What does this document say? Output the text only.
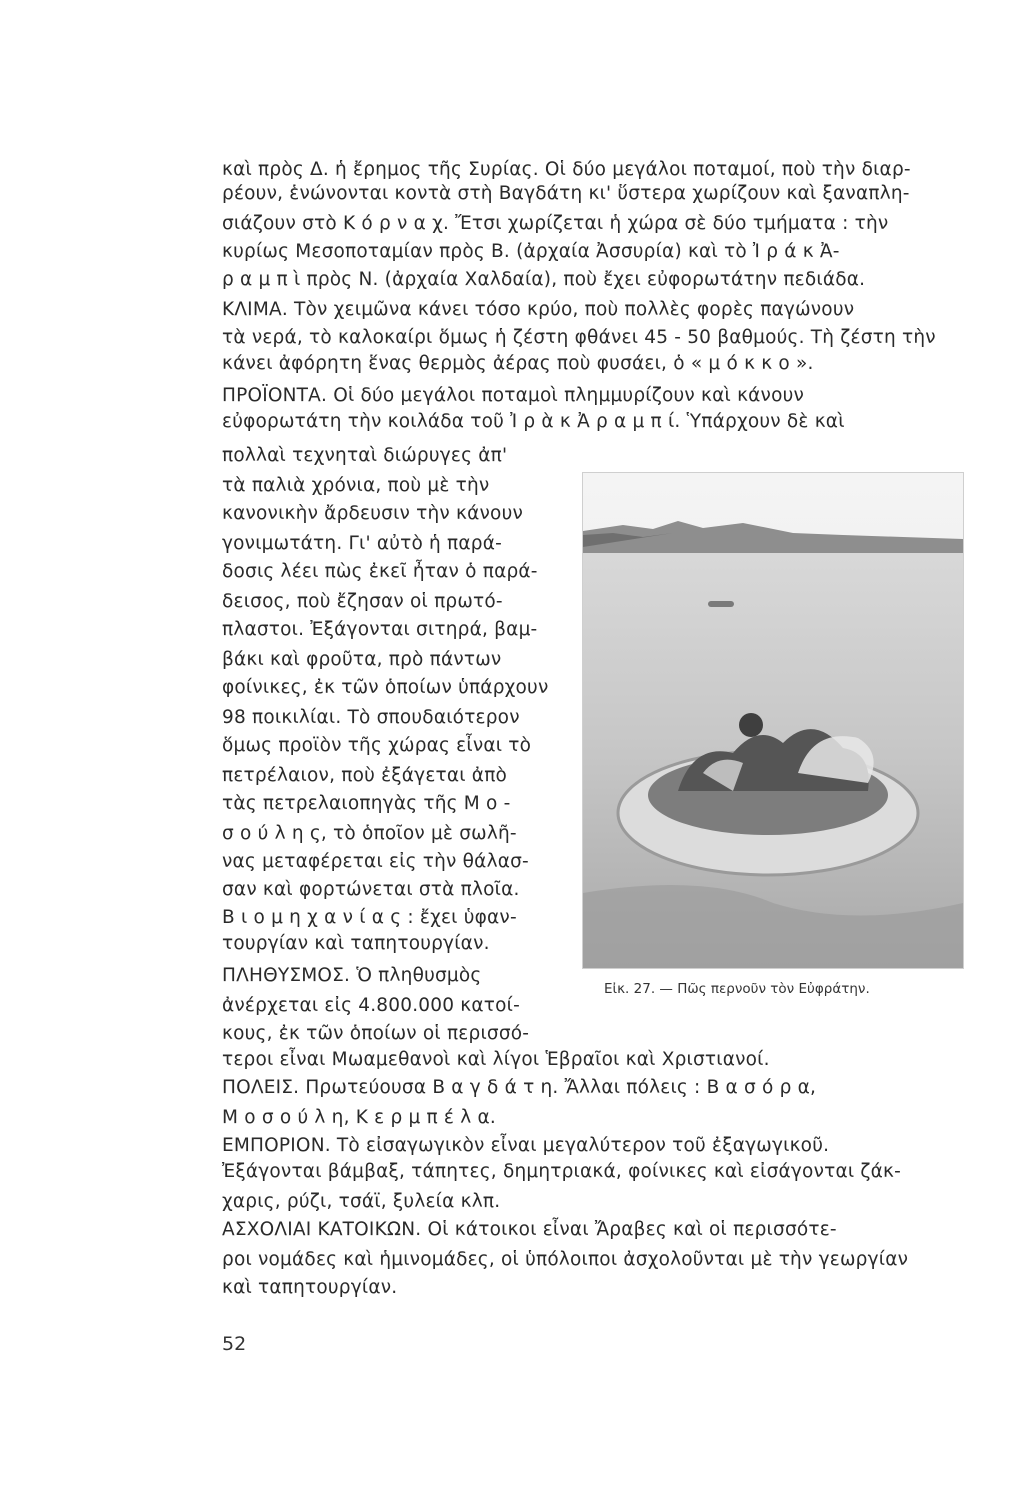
καὶ πρὸς Δ. ἡ ἔρημος τῆς Συρίας. Οἱ δύο μεγάλοι ποταμοί, ποὺ τὴν διαρ-
ρέουν, ἑνώνονται κοντὰ στὴ Βαγδάτη κι' ὕστερα χωρίζουν καὶ ξαναπλη-
σιάζουν στὸ Κ ό ρ ν α χ. Ἔτσι χωρίζεται ἡ χώρα σὲ δύο τμήματα : τὴν
κυρίως Μεσοποταμίαν πρὸς Β. (ἀρχαία Ἀσσυρία) καὶ τὸ Ἰ ρ ά κ Ἀ-
ρ α μ π ὶ πρὸς Ν. (ἀρχαία Χαλδαία), ποὺ ἔχει εὐφορωτάτην πεδιάδα.
ΚΛΙΜΑ. Τὸν χειμῶνα κάνει τόσο κρύο, ποὺ πολλὲς φορὲς παγώνουν
τὰ νερά, τὸ καλοκαίρι ὅμως ἡ ζέστη φθάνει 45 - 50 βαθμούς. Τὴ ζέστη τὴν
κάνει ἀφόρητη ἕνας θερμὸς ἀέρας ποὺ φυσάει, ὁ « μ ό κ κ ο ».
ΠΡΟΪΟΝΤΑ. Οἱ δύο μεγάλοι ποταμοὶ πλημμυρίζουν καὶ κάνουν
εὐφορωτάτη τὴν κοιλάδα τοῦ Ἰ ρ ὰ κ Ἀ ρ α μ π ί. Ὑπάρχουν δὲ καὶ
πολλαὶ τεχνηταὶ διώρυγες ἀπ'
τὰ παλιὰ χρόνια, ποὺ μὲ τὴν
κανονικὴν ἄρδευσιν τὴν κάνουν
γονιμωτάτη. Γι' αὐτὸ ἡ παρά-
δοσις λέει πὼς ἐκεῖ ἦταν ὁ παρά-
δεισος, ποὺ ἔζησαν οἱ πρωτό-
πλαστοι. Ἐξάγονται σιτηρά, βαμ-
βάκι καὶ φροῦτα, πρὸ πάντων
φοίνικες, ἐκ τῶν ὁποίων ὑπάρχουν
98 ποικιλίαι. Τὸ σπουδαιότερον
ὅμως προϊὸν τῆς χώρας εἶναι τὸ
πετρέλαιον, ποὺ ἐξάγεται ἀπὸ
τὰς πετρελαιοπηγὰς τῆς Μ ο -
σ ο ύ λ η ς, τὸ ὁποῖον μὲ σωλῆ-
νας μεταφέρεται εἰς τὴν θάλασ-
σαν καὶ φορτώνεται στὰ πλοῖα.
Β ι ο μ η χ α ν ί α ς : ἔχει ὑφαν-
τουργίαν καὶ ταπητουργίαν.
ΠΛΗΘΥΣΜΟΣ. Ὁ πληθυσμὸς
ἀνέρχεται εἰς 4.800.000 κατοί-
κους, ἐκ τῶν ὁποίων οἱ περισσό-
τεροι εἶναι Μωαμεθανοὶ καὶ λίγοι Ἑβραῖοι καὶ Χριστιανοί.
ΠΟΛΕΙΣ. Πρωτεύουσα Β α γ δ ά τ η. Ἄλλαι πόλεις : Β α σ ό ρ α,
Μ ο σ ο ύ λ η, Κ ε ρ μ π έ λ α.
ΕΜΠΟΡΙΟΝ. Τὸ εἰσαγωγικὸν εἶναι μεγαλύτερον τοῦ ἐξαγωγικοῦ.
Ἐξάγονται βάμβαξ, τάπητες, δημητριακά, φοίνικες καὶ εἰσάγονται ζάκ-
χαρις, ρύζι, τσάϊ, ξυλεία κλπ.
ΑΣΧΟΛΙΑΙ ΚΑΤΟΙΚΩΝ. Οἱ κάτοικοι εἶναι Ἄραβες καὶ οἱ περισσότε-
ροι νομάδες καὶ ἡμινομάδες, οἱ ὑπόλοιποι ἀσχολοῦνται μὲ τὴν γεωργίαν
καὶ ταπητουργίαν.
Εἰκ. 27. — Πῶς περνοῦν τὸν Εὐφράτην.
52
